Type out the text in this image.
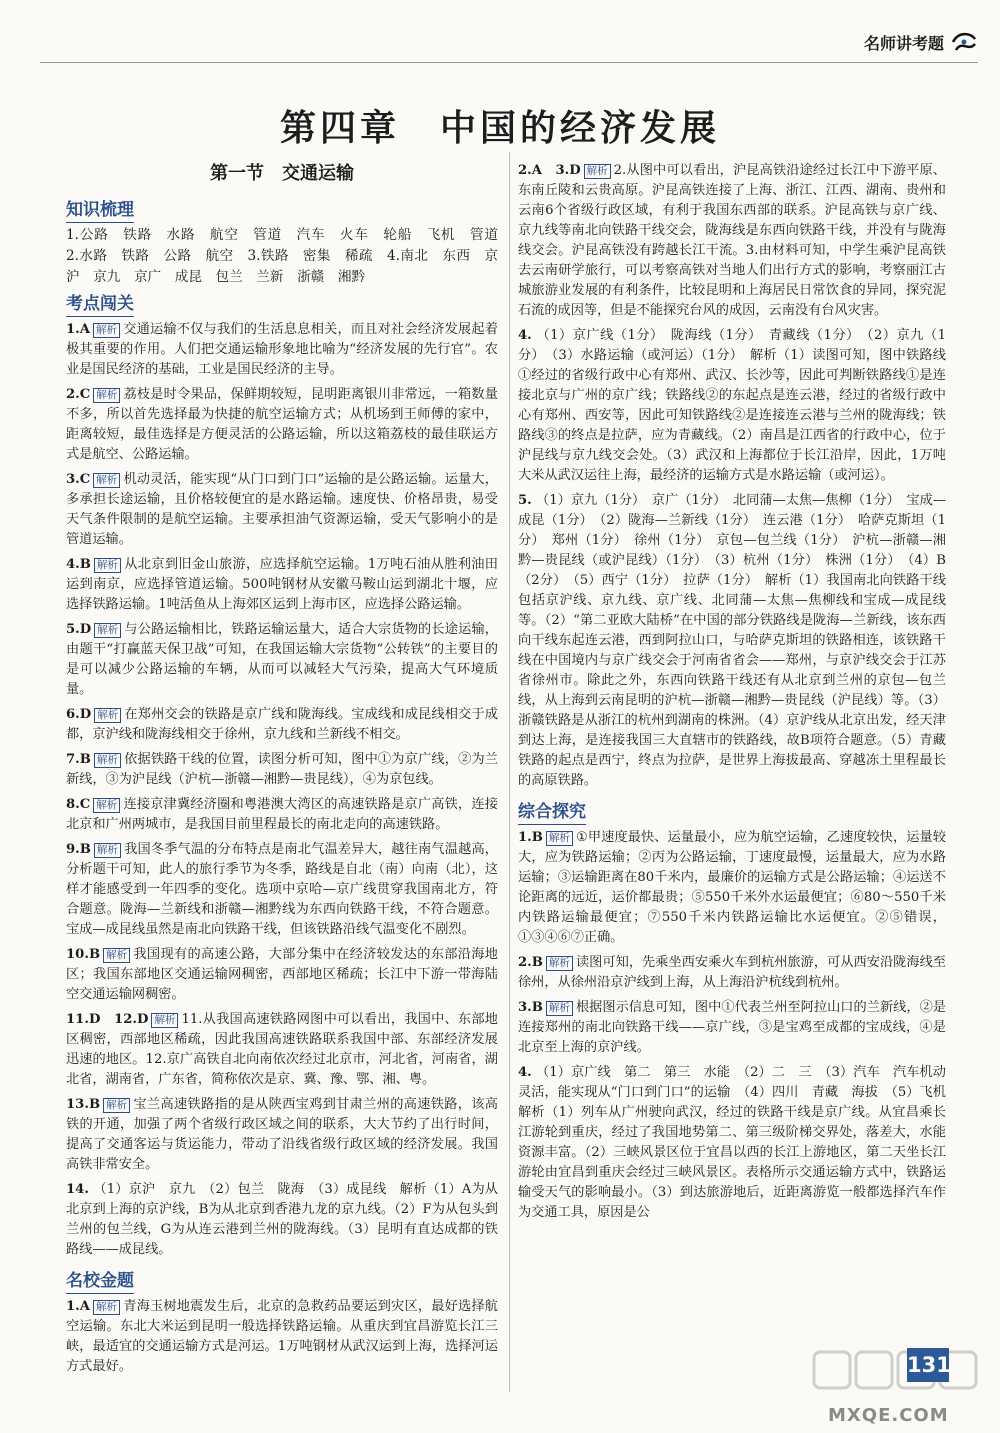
名师讲考题
第四章　中国的经济发展
第一节　交通运输
知识梳理
1.公路　铁路　水路　航空　管道　汽车　火车　轮船　飞机　管道　2.水路　铁路　公路　航空　3.铁路　密集　稀疏　4.南北　东西　京沪　京九　京广　成昆　包兰　兰新　浙赣　湘黔
考点闯关
1.A 解析 交通运输不仅与我们的生活息息相关，而且对社会经济发展起着极其重要的作用。人们把交通运输形象地比喻为“经济发展的先行官”。农业是国民经济的基础，工业是国民经济的主导。
2.C 解析 荔枝是时令果品，保鲜期较短，昆明距离银川非常远，一箱数量不多，所以首先选择最为快捷的航空运输方式；从机场到王师傅的家中，距离较短，最佳选择是方便灵活的公路运输，所以这箱荔枝的最佳联运方式是航空、公路运输。
3.C 解析 机动灵活，能实现“从门口到门口”运输的是公路运输。运量大，多承担长途运输，且价格较便宜的是水路运输。速度快、价格昂贵，易受天气条件限制的是航空运输。主要承担油气资源运输，受天气影响小的是管道运输。
4.B 解析 从北京到旧金山旅游，应选择航空运输。1万吨石油从胜利油田运到南京，应选择管道运输。500吨钢材从安徽马鞍山运到湖北十堰，应选择铁路运输。1吨活鱼从上海郊区运到上海市区，应选择公路运输。
5.D 解析 与公路运输相比，铁路运输运量大，适合大宗货物的长途运输，由题干“打赢蓝天保卫战”可知，在我国运输大宗货物“公转铁”的主要目的是可以减少公路运输的车辆，从而可以减轻大气污染，提高大气环境质量。
6.D 解析 在郑州交会的铁路是京广线和陇海线。宝成线和成昆线相交于成都，京沪线和陇海线相交于徐州，京九线和兰新线不相交。
7.B 解析 依据铁路干线的位置，读图分析可知，图中①为京广线，②为兰新线，③为沪昆线（沪杭—浙赣—湘黔—贵昆线），④为京包线。
8.C 解析 连接京津冀经济圈和粤港澳大湾区的高速铁路是京广高铁，连接北京和广州两城市，是我国目前里程最长的南北走向的高速铁路。
9.B 解析 我国冬季气温的分布特点是南北气温差异大，越往南气温越高，分析题干可知，此人的旅行季节为冬季，路线是自北（南）向南（北），这样才能感受到一年四季的变化。选项中京哈—京广线贯穿我国南北方，符合题意。陇海—兰新线和浙赣—湘黔线为东西向铁路干线，不符合题意。宝成—成昆线虽然是南北向铁路干线，但该铁路沿线气温变化不剧烈。
10.B 解析 我国现有的高速公路，大部分集中在经济较发达的东部沿海地区；我国东部地区交通运输网稠密，西部地区稀疏；长江中下游一带海陆空交通运输网稠密。
11.D　12.D 解析 11.从我国高速铁路网图中可以看出，我国中、东部地区稠密，西部地区稀疏，因此我国高速铁路联系我国中部、东部经济发展迅速的地区。12.京广高铁自北向南依次经过北京市，河北省，河南省，湖北省，湖南省，广东省，简称依次是京、冀、豫、鄂、湘、粤。
13.B 解析 宝兰高速铁路指的是从陕西宝鸡到甘肃兰州的高速铁路，该高铁的开通，加强了两个省级行政区域之间的联系，大大节约了出行时间，提高了交通客运与货运能力，带动了沿线省级行政区域的经济发展。我国高铁非常安全。
14. （1）京沪　京九　（2）包兰　陇海　（3）成昆线　解析（1）A为从北京到上海的京沪线，B为从北京到香港九龙的京九线。（2）F为从包头到兰州的包兰线，G为从连云港到兰州的陇海线。（3）昆明有直达成都的铁路线——成昆线。
名校金题
1.A 解析 青海玉树地震发生后，北京的急救药品要运到灾区，最好选择航空运输。东北大米运到昆明一般选择铁路运输。从重庆到宜昌游览长江三峡，最适宜的交通运输方式是河运。1万吨钢材从武汉运到上海，选择河运方式最好。
2.A　3.D 解析 2.从图中可以看出，沪昆高铁沿途经过长江中下游平原、东南丘陵和云贵高原。沪昆高铁连接了上海、浙江、江西、湖南、贵州和云南6个省级行政区域，有利于我国东西部的联系。沪昆高铁与京广线、京九线等南北向铁路干线交会，陇海线是东西向铁路干线，并没有与陇海线交会。沪昆高铁没有跨越长江干流。3.由材料可知，中学生乘沪昆高铁去云南研学旅行，可以考察高铁对当地人们出行方式的影响，考察丽江古城旅游业发展的有利条件，比较昆明和上海居民日常饮食的异同，探究泥石流的成因等，但是不能探究台风的成因，云南没有台风灾害。
4. （1）京广线（1分）　陇海线（1分）　青藏线（1分）　（2）京九（1分）　（3）水路运输（或河运）（1分）　解析（1）读图可知，图中铁路线①经过的省级行政中心有郑州、武汉、长沙等，因此可判断铁路线①是连接北京与广州的京广线；铁路线②的东起点是连云港，经过的省级行政中心有郑州、西安等，因此可知铁路线②是连接连云港与兰州的陇海线；铁路线③的终点是拉萨，应为青藏线。（2）南昌是江西省的行政中心，位于沪昆线与京九线交会处。（3）武汉和上海都位于长江沿岸，因此，1万吨大米从武汉运往上海，最经济的运输方式是水路运输（或河运）。
5. （1）京九（1分）　京广（1分）　北同蒲—太焦—焦柳（1分）　宝成—成昆（1分）　（2）陇海—兰新线（1分）　连云港（1分）　哈萨克斯坦（1分）　郑州（1分）　徐州（1分）　京包—包兰线（1分）　沪杭—浙赣—湘黔—贵昆线（或沪昆线）（1分）　（3）杭州（1分）　株洲（1分）　（4）B（2分）　（5）西宁（1分）　拉萨（1分）　解析（1）我国南北向铁路干线包括京沪线、京九线、京广线、北同蒲—太焦—焦柳线和宝成—成昆线等。（2）“第二亚欧大陆桥”在中国的部分铁路线是陇海—兰新线，该东西向干线东起连云港，西到阿拉山口，与哈萨克斯坦的铁路相连，该铁路干线在中国境内与京广线交会于河南省省会——郑州，与京沪线交会于江苏省徐州市。除此之外，东西向铁路干线还有从北京到兰州的京包—包兰线，从上海到云南昆明的沪杭—浙赣—湘黔—贵昆线（沪昆线）等。（3）浙赣铁路是从浙江的杭州到湖南的株洲。（4）京沪线从北京出发，经天津到达上海，是连接我国三大直辖市的铁路线，故B项符合题意。（5）青藏铁路的起点是西宁，终点为拉萨，是世界上海拔最高、穿越冻土里程最长的高原铁路。
综合探究
1.B 解析 ①甲速度最快、运量最小，应为航空运输，乙速度较快，运量较大，应为铁路运输；②丙为公路运输，丁速度最慢，运量最大，应为水路运输；③运输距离在80千米内，最廉价的运输方式是公路运输；④运送不论距离的远近，运价都最贵；⑤550千米外水运最便宜；⑥80～550千米内铁路运输最便宜；⑦550千米内铁路运输比水运便宜。②⑤错误，①③④⑥⑦正确。
2.B 解析 读图可知，先乘坐西安乘火车到杭州旅游，可从西安沿陇海线至徐州，从徐州沿京沪线到上海，从上海沿沪杭线到杭州。
3.B 解析 根据图示信息可知，图中①代表兰州至阿拉山口的兰新线，②是连接郑州的南北向铁路干线——京广线，③是宝鸡至成都的宝成线，④是北京至上海的京沪线。
4. （1）京广线　第二　第三　水能　（2）二　三　（3）汽车　汽车机动灵活，能实现从“门口到门口”的运输　（4）四川　青藏　海拔　（5）飞机　解析（1）列车从广州驶向武汉，经过的铁路干线是京广线。从宜昌乘长江游轮到重庆，经过了我国地势第二、第三级阶梯交界处，落差大，水能资源丰富。（2）三峡风景区位于宜昌以西的长江上游地区，第二天坐长江游轮由宜昌到重庆会经过三峡风景区。表格所示交通运输方式中，铁路运输受天气的影响最小。（3）到达旅游地后，近距离游览一般都选择汽车作为交通工具，原因是公
131
MXQE.COM
